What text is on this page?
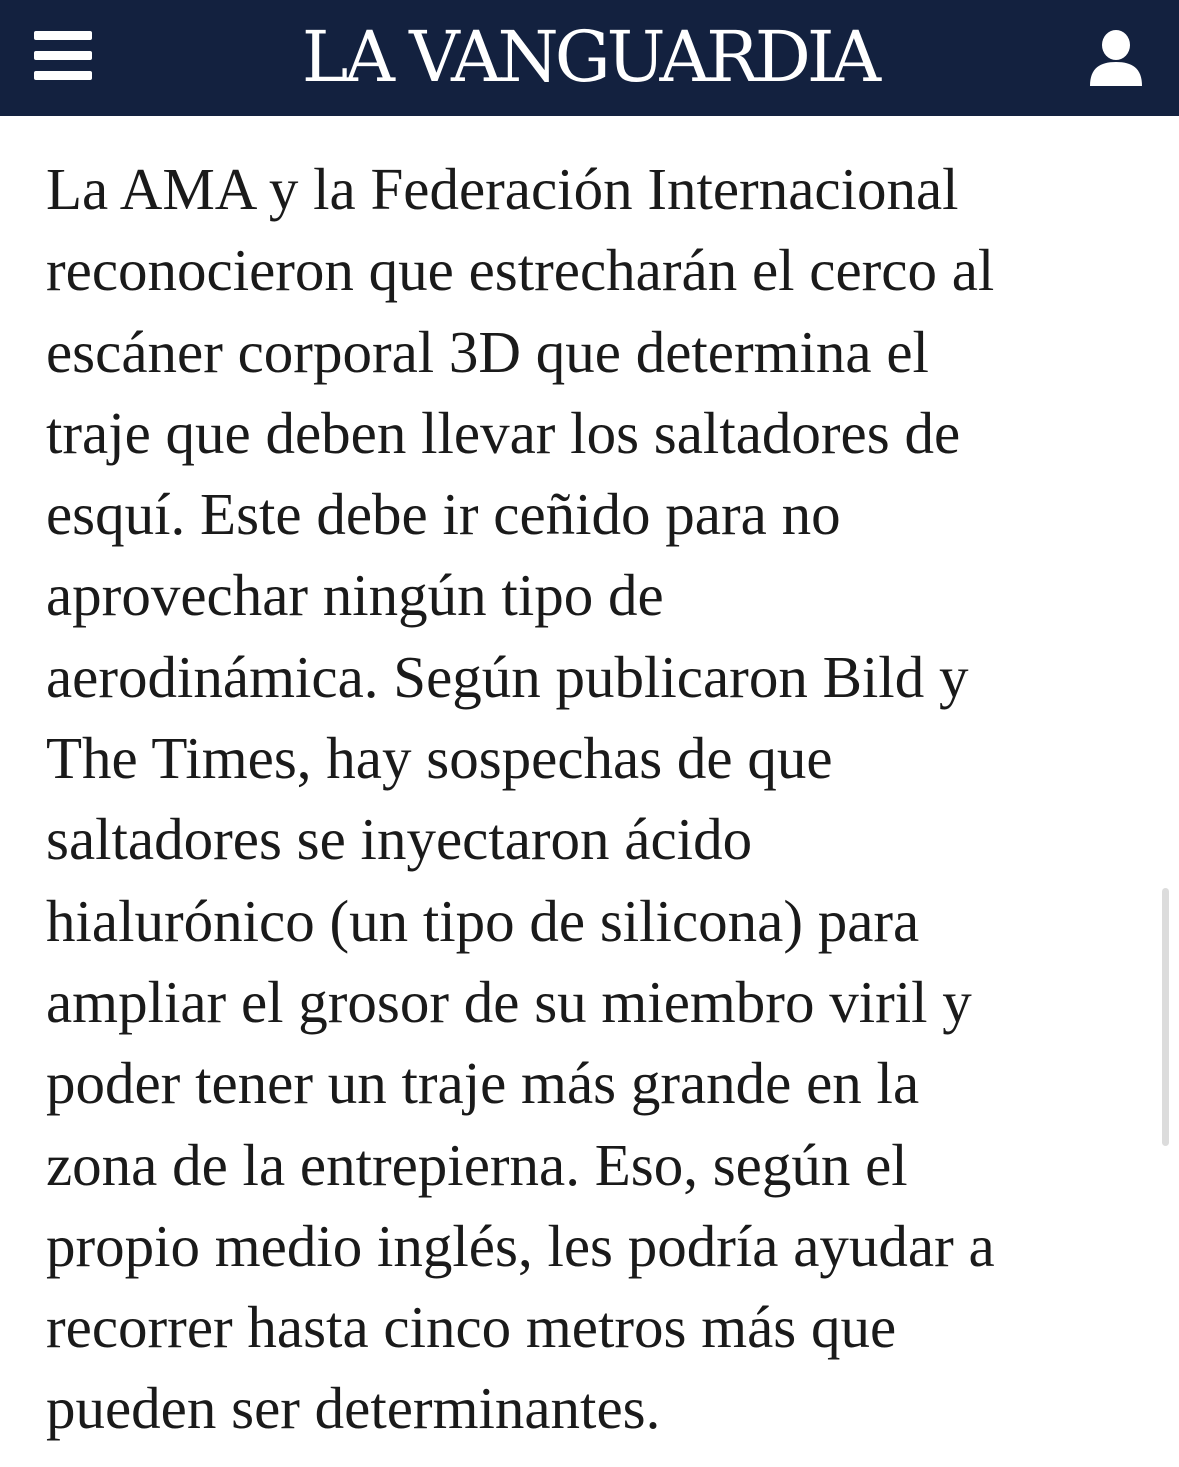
LA VANGUARDIA

La AMA y la Federación Internacional
reconocieron que estrecharán el cerco al
escáner corporal 3D que determina el
traje que deben llevar los saltadores de
esquí. Este debe ir ceñido para no
aprovechar ningún tipo de
aerodinámica. Según publicaron Bild y
The Times, hay sospechas de que
saltadores se inyectaron ácido
hialurónico (un tipo de silicona) para
ampliar el grosor de su miembro viril y
poder tener un traje más grande en la
zona de la entrepierna. Eso, según el
propio medio inglés, les podría ayudar a
recorrer hasta cinco metros más que
pueden ser determinantes.
